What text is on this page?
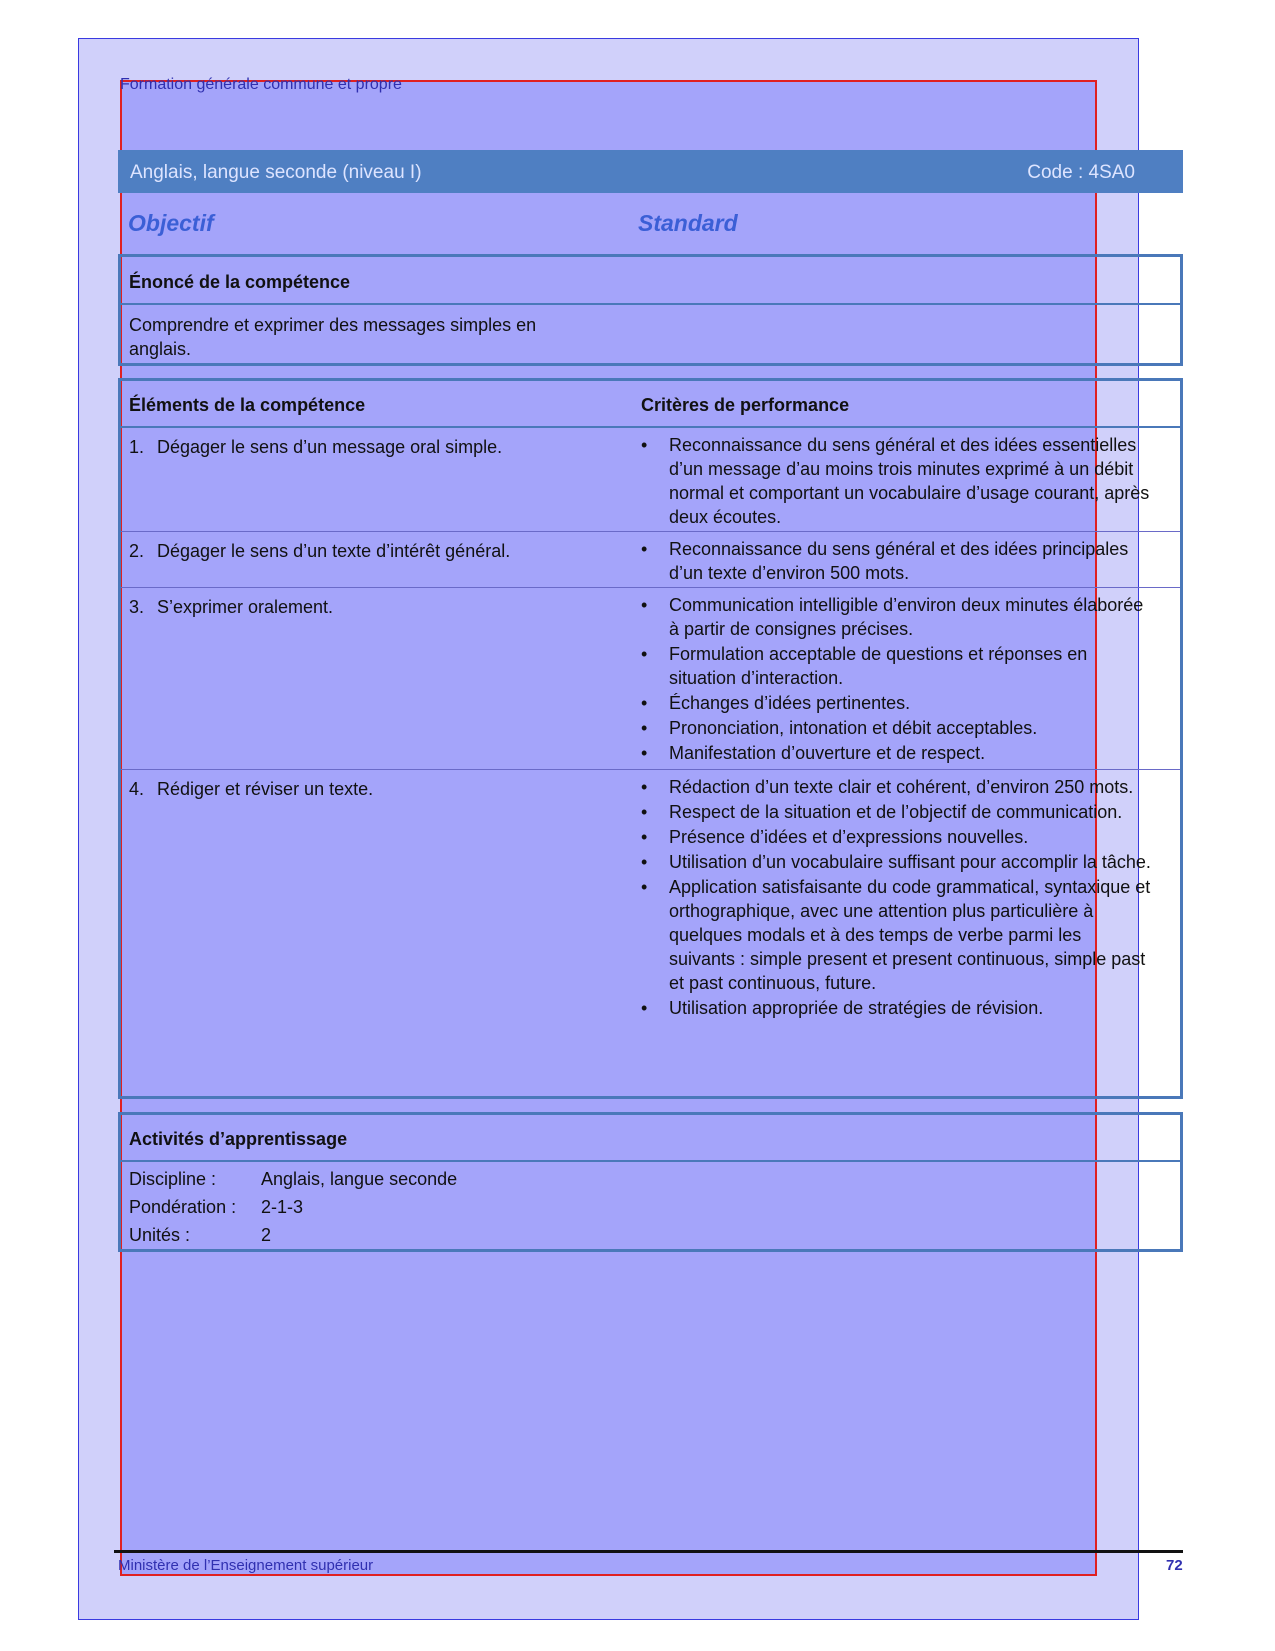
Formation générale commune et propre
Anglais, langue seconde (niveau I)	Code : 4SA0
Objectif	Standard
Énoncé de la compétence
Comprendre et exprimer des messages simples en anglais.
Éléments de la compétence	Critères de performance
1. Dégager le sens d’un message oral simple.	• Reconnaissance du sens général et des idées essentielles d’un message d’au moins trois minutes exprimé à un débit normal et comportant un vocabulaire d’usage courant, après deux écoutes.
2. Dégager le sens d’un texte d’intérêt général.	• Reconnaissance du sens général et des idées principales d’un texte d’environ 500 mots.
3. S’exprimer oralement.	• Communication intelligible d’environ deux minutes élaborée à partir de consignes précises.
• Formulation acceptable de questions et réponses en situation d’interaction.
• Échanges d’idées pertinentes.
• Prononciation, intonation et débit acceptables.
• Manifestation d’ouverture et de respect.
4. Rédiger et réviser un texte.	• Rédaction d’un texte clair et cohérent, d’environ 250 mots.
• Respect de la situation et de l’objectif de communication.
• Présence d’idées et d’expressions nouvelles.
• Utilisation d’un vocabulaire suffisant pour accomplir la tâche.
• Application satisfaisante du code grammatical, syntaxique et orthographique, avec une attention plus particulière à quelques modals et à des temps de verbe parmi les suivants : simple present et present continuous, simple past et past continuous, future.
• Utilisation appropriée de stratégies de révision.
Activités d’apprentissage
Discipline : Anglais, langue seconde
Pondération : 2-1-3
Unités :	2
Ministère de l’Enseignement supérieur	72
